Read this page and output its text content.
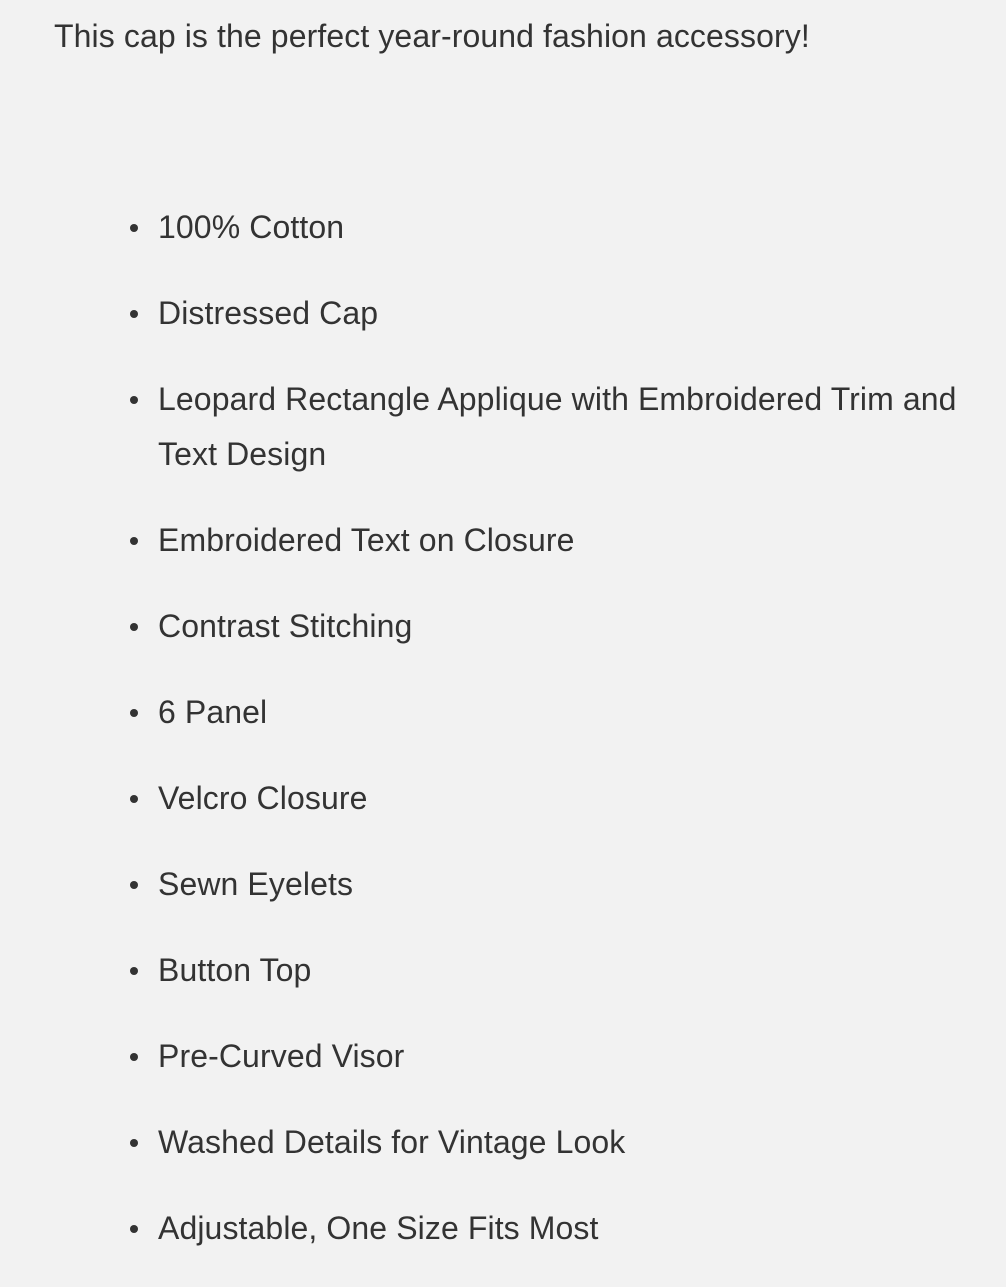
This cap is the perfect year-round fashion accessory!

100% Cotton
Distressed Cap
Leopard Rectangle Applique with Embroidered Trim and Text Design
Embroidered Text on Closure
Contrast Stitching
6 Panel
Velcro Closure
Sewn Eyelets
Button Top
Pre-Curved Visor
Washed Details for Vintage Look
Adjustable, One Size Fits Most
